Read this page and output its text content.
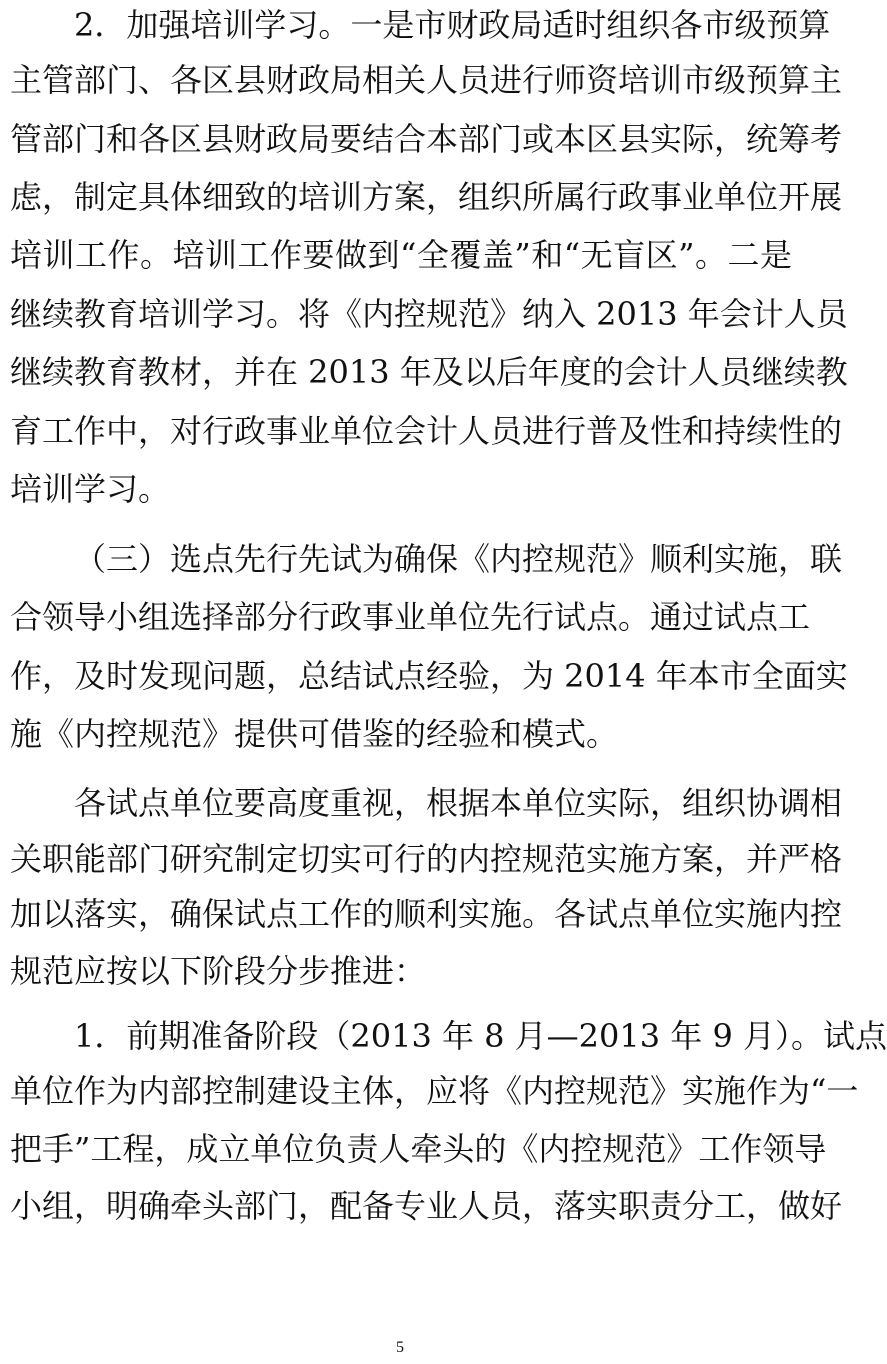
2．加强培训学习。一是市财政局适时组织各市级预算
主管部门、各区县财政局相关人员进行师资培训市级预算主
管部门和各区县财政局要结合本部门或本区县实际，统筹考
虑，制定具体细致的培训方案，组织所属行政事业单位开展
培训工作。培训工作要做到“全覆盖”和“无盲区”。二是
继续教育培训学习。将《内控规范》纳入 2013 年会计人员
继续教育教材，并在 2013 年及以后年度的会计人员继续教
育工作中，对行政事业单位会计人员进行普及性和持续性的
培训学习。
（三）选点先行先试为确保《内控规范》顺利实施，联
合领导小组选择部分行政事业单位先行试点。通过试点工
作，及时发现问题，总结试点经验，为 2014 年本市全面实
施《内控规范》提供可借鉴的经验和模式。
各试点单位要高度重视，根据本单位实际，组织协调相
关职能部门研究制定切实可行的内控规范实施方案，并严格
加以落实，确保试点工作的顺利实施。各试点单位实施内控
规范应按以下阶段分步推进：
1．前期准备阶段（2013 年 8 月—2013 年 9 月）。试点
单位作为内部控制建设主体，应将《内控规范》实施作为“一
把手”工程，成立单位负责人牵头的《内控规范》工作领导
小组，明确牵头部门，配备专业人员，落实职责分工，做好
5
